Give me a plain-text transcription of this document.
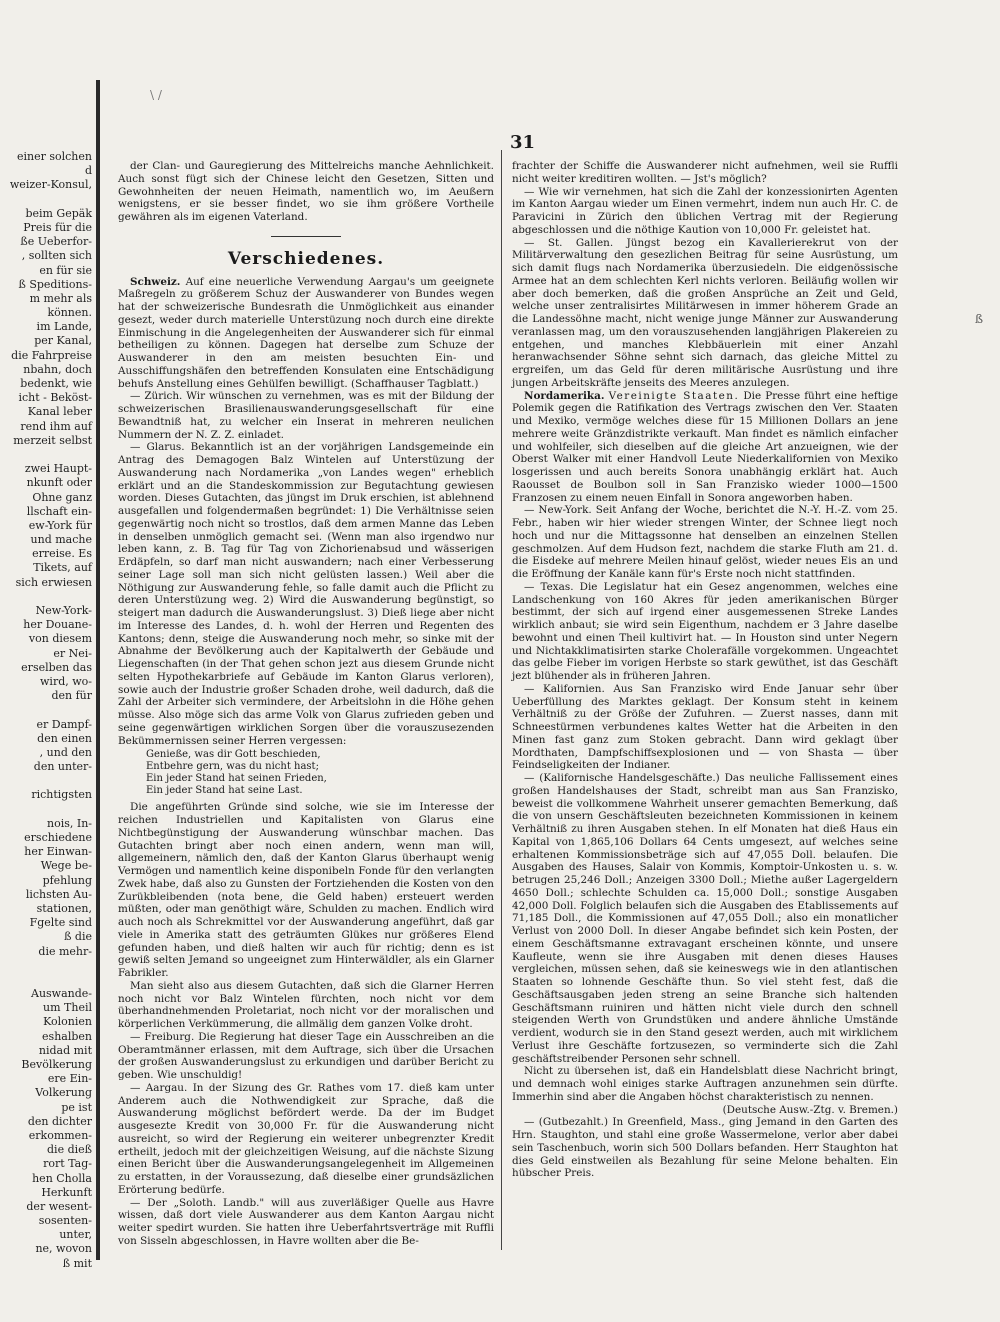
\ /
einer solchen
d
weizer-Konsul,
beim Gepäk
Preis für die
ße Ueberfor-
, sollten sich
en für sie
ß Speditions-
m mehr als
können.
im Lande,
per Kanal,
die Fahrpreise
nbahn, doch
bedenkt, wie
icht - Beköst-
Kanal leber
rend ihm auf
merzeit selbst
zwei Haupt-
nkunft oder
Ohne ganz
llschaft ein-
ew-York für
und mache
erreise. Es
Tikets, auf
sich erwiesen
New-York-
her Douane-
von diesem
er Nei-
erselben das
wird, wo-
den für
er Dampf-
den einen
, und den
den unter-
richtigsten
nois, In-
erschiedene
her Einwan-
Wege be-
pfehlung
lichsten Au-
stationen,
Fgelte sind
ß die
die mehr-
Auswande-
um Theil
Kolonien
eshalben
nidad mit
Bevölkerung
ere Ein-
Volkerung
pe ist
den dichter
erkommen-
die dieß
rort Tag-
hen Cholla
Herkunft
der wesent-
sosenten-
unter,
ne, wovon
ß mit
31

der Clan- und Gauregierung des Mittelreichs manche Aehnlichkeit. Auch sonst fügt sich der Chinese leicht den Gesetzen, Sitten und Gewohnheiten der neuen Heimath, namentlich wo, im Aeußern wenigstens, er sie besser findet, wo sie ihm größere Vortheile gewähren als im eigenen Vaterland.

Verschiedenes.

Schweiz. Auf eine neuerliche Verwendung Aargau's um geeignete Maßregeln zu größerem Schuz der Auswanderer von Bundes wegen hat der schweizerische Bundesrath die Unmöglichkeit aus einander gesezt, weder durch materielle Unterstüzung noch durch eine direkte Einmischung in die Angelegenheiten der Auswanderer sich für einmal betheiligen zu können. Dagegen hat derselbe zum Schuze der Auswanderer in den am meisten besuchten Ein- und Ausschiffungshäfen den betreffenden Konsulaten eine Entschädigung behufs Anstellung eines Gehülfen bewilligt. (Schaffhauser Tagblatt.)

— Zürich. Wir wünschen zu vernehmen, was es mit der Bildung der schweizerischen Brasilienauswanderungsgesellschaft für eine Bewandtniß hat, zu welcher ein Inserat in mehreren neulichen Nummern der N. Z. Z. einladet.

— Glarus. Bekanntlich ist an der vorjährigen Landsgemeinde ein Antrag des Demagogen Balz Wintelen auf Unterstüzung der Auswanderung nach Nordamerika „von Landes wegen" erheblich erklärt und an die Standeskommission zur Begutachtung gewiesen worden. Dieses Gutachten, das jüngst im Druk erschien, ist ablehnend ausgefallen und folgendermaßen begründet: 1) Die Verhältnisse seien gegenwärtig noch nicht so trostlos, daß dem armen Manne das Leben in denselben unmöglich gemacht sei. (Wenn man also irgendwo nur leben kann, z. B. Tag für Tag von Zichorienabsud und wässerigen Erdäpfeln, so darf man nicht auswandern; nach einer Verbesserung seiner Lage soll man sich nicht gelüsten lassen.) Weil aber die Nöthigung zur Auswanderung fehle, so falle damit auch die Pflicht zu deren Unterstüzung weg. 2) Wird die Auswanderung begünstigt, so steigert man dadurch die Auswanderungslust. 3) Dieß liege aber nicht im Interesse des Landes, d. h. wohl der Herren und Regenten des Kantons; denn, steige die Auswanderung noch mehr, so sinke mit der Abnahme der Bevölkerung auch der Kapitalwerth der Gebäude und Liegenschaften (in der That gehen schon jezt aus diesem Grunde nicht selten Hypothekarbriefe auf Gebäude im Kanton Glarus verloren), sowie auch der Industrie großer Schaden drohe, weil dadurch, daß die Zahl der Arbeiter sich vermindere, der Arbeitslohn in die Höhe gehen müsse. Also möge sich das arme Volk von Glarus zufrieden geben und seine gegenwärtigen wirklichen Sorgen über die vorauszusezenden Bekümmernissen seiner Herren vergessen:

Genieße, was dir Gott beschieden,
Entbehre gern, was du nicht hast;
Ein jeder Stand hat seinen Frieden,
Ein jeder Stand hat seine Last.

Die angeführten Gründe sind solche, wie sie im Interesse der reichen Industriellen und Kapitalisten von Glarus eine Nichtbegünstigung der Auswanderung wünschbar machen. Das Gutachten bringt aber noch einen andern, wenn man will, allgemeinern, nämlich den, daß der Kanton Glarus überhaupt wenig Vermögen und namentlich keine disponibeln Fonde für den verlangten Zwek habe, daß also zu Gunsten der Fortziehenden die Kosten von den Zurükbleibenden (nota bene, die Geld haben) ersteuert werden müßten, oder man genöthigt wäre, Schulden zu machen. Endlich wird auch noch als Schrekmittel vor der Auswanderung angeführt, daß gar viele in Amerika statt des geträumten Glükes nur größeres Elend gefunden haben, und dieß halten wir auch für richtig; denn es ist gewiß selten Jemand so ungeeignet zum Hinterwäldler, als ein Glarner Fabrikler.

Man sieht also aus diesem Gutachten, daß sich die Glarner Herren noch nicht vor Balz Wintelen fürchten, noch nicht vor dem überhandnehmenden Proletariat, noch nicht vor der moralischen und körperlichen Verkümmerung, die allmälig dem ganzen Volke droht.

— Freiburg. Die Regierung hat dieser Tage ein Ausschreiben an die Oberamtmänner erlassen, mit dem Auftrage, sich über die Ursachen der großen Auswanderungslust zu erkundigen und darüber Bericht zu geben. Wie unschuldig!

— Aargau. In der Sizung des Gr. Rathes vom 17. dieß kam unter Anderem auch die Nothwendigkeit zur Sprache, daß die Auswanderung möglichst befördert werde. Da der im Budget ausgesezte Kredit von 30,000 Fr. für die Auswanderung nicht ausreicht, so wird der Regierung ein weiterer unbegrenzter Kredit ertheilt, jedoch mit der gleichzeitigen Weisung, auf die nächste Sizung einen Bericht über die Auswanderungsangelegenheit im Allgemeinen zu erstatten, in der Voraussezung, daß dieselbe einer grundsäzlichen Erörterung bedürfe.

— Der „Soloth. Landb." will aus zuverläßiger Quelle aus Havre wissen, daß dort viele Auswanderer aus dem Kanton Aargau nicht weiter spedirt wurden. Sie hatten ihre Ueberfahrtsverträge mit Ruffli von Sisseln abgeschlossen, in Havre wollten aber die Be-

frachter der Schiffe die Auswanderer nicht aufnehmen, weil sie Ruffli nicht weiter kreditiren wollten. — Jst's möglich?

— Wie wir vernehmen, hat sich die Zahl der konzessionirten Agenten im Kanton Aargau wieder um Einen vermehrt, indem nun auch Hr. C. de Paravicini in Zürich den üblichen Vertrag mit der Regierung abgeschlossen und die nöthige Kaution von 10,000 Fr. geleistet hat.

— St. Gallen. Jüngst bezog ein Kavallerierekrut von der Militärverwaltung den gesezlichen Beitrag für seine Ausrüstung, um sich damit flugs nach Nordamerika überzusiedeln. Die eidgenössische Armee hat an dem schlechten Kerl nichts verloren. Beiläufig wollen wir aber doch bemerken, daß die großen Ansprüche an Zeit und Geld, welche unser zentralisirtes Militärwesen in immer höherem Grade an die Landessöhne macht, nicht wenige junge Männer zur Auswanderung veranlassen mag, um den vorauszusehenden langjährigen Plakereien zu entgehen, und manches Klebbäuerlein mit einer Anzahl heranwachsender Söhne sehnt sich darnach, das gleiche Mittel zu ergreifen, um das Geld für deren militärische Ausrüstung und ihre jungen Arbeitskräfte jenseits des Meeres anzulegen.

Nordamerika. Vereinigte Staaten. Die Presse führt eine heftige Polemik gegen die Ratifikation des Vertrags zwischen den Ver. Staaten und Mexiko, vermöge welches diese für 15 Millionen Dollars an jene mehrere weite Gränzdistrikte verkauft. Man findet es nämlich einfacher und wohlfeiler, sich dieselben auf die gleiche Art anzueignen, wie der Oberst Walker mit einer Handvoll Leute Niederkalifornien von Mexiko losgerissen und auch bereits Sonora unabhängig erklärt hat. Auch Raousset de Boulbon soll in San Franzisko wieder 1000—1500 Franzosen zu einem neuen Einfall in Sonora angeworben haben.

— New-York. Seit Anfang der Woche, berichtet die N.-Y. H.-Z. vom 25. Febr., haben wir hier wieder strengen Winter, der Schnee liegt noch hoch und nur die Mittagssonne hat denselben an einzelnen Stellen geschmolzen. Auf dem Hudson fezt, nachdem die starke Fluth am 21. d. die Eisdeke auf mehrere Meilen hinauf gelöst, wieder neues Eis an und die Eröffnung der Kanäle kann für's Erste noch nicht stattfinden.

— Texas. Die Legislatur hat ein Gesez angenommen, welches eine Landschenkung von 160 Akres für jeden amerikanischen Bürger bestimmt, der sich auf irgend einer ausgemessenen Streke Landes wirklich anbaut; sie wird sein Eigenthum, nachdem er 3 Jahre daselbe bewohnt und einen Theil kultivirt hat. — In Houston sind unter Negern und Nichtakklimatisirten starke Cholerafälle vorgekommen. Ungeachtet das gelbe Fieber im vorigen Herbste so stark gewüthet, ist das Geschäft jezt blühender als in früheren Jahren.

— Kalifornien. Aus San Franzisko wird Ende Januar sehr über Ueberfüllung des Marktes geklagt. Der Konsum steht in keinem Verhältniß zu der Größe der Zufuhren. — Zuerst nasses, dann mit Schneestürmen verbundenes kaltes Wetter hat die Arbeiten in den Minen fast ganz zum Stoken gebracht. Dann wird geklagt über Mordthaten, Dampfschiffsexplosionen und — von Shasta — über Feindseligkeiten der Indianer.

— (Kalifornische Handelsgeschäfte.) Das neuliche Fallissement eines großen Handelshauses der Stadt, schreibt man aus San Franzisko, beweist die vollkommene Wahrheit unserer gemachten Bemerkung, daß die von unsern Geschäftsleuten bezeichneten Kommissionen in keinem Verhältniß zu ihren Ausgaben stehen. In elf Monaten hat dieß Haus ein Kapital von 1,865,106 Dollars 64 Cents umgesezt, auf welches seine erhaltenen Kommissionsbeträge sich auf 47,055 Doll. belaufen. Die Ausgaben des Hauses, Salair von Kommis, Komptoir-Unkosten u. s. w. betrugen 25,246 Doll.; Anzeigen 3300 Doll.; Miethe außer Lagergeldern 4650 Doll.; schlechte Schulden ca. 15,000 Doll.; sonstige Ausgaben 42,000 Doll. Folglich belaufen sich die Ausgaben des Etablissements auf 71,185 Doll., die Kommissionen auf 47,055 Doll.; also ein monatlicher Verlust von 2000 Doll. In dieser Angabe befindet sich kein Posten, der einem Geschäftsmanne extravagant erscheinen könnte, und unsere Kaufleute, wenn sie ihre Ausgaben mit denen dieses Hauses vergleichen, müssen sehen, daß sie keineswegs wie in den atlantischen Staaten so lohnende Geschäfte thun. So viel steht fest, daß die Geschäftsausgaben jeden streng an seine Branche sich haltenden Geschäftsmann ruiniren und hätten nicht viele durch den schnell steigenden Werth von Grundstüken und andere ähnliche Umstände verdient, wodurch sie in den Stand gesezt werden, auch mit wirklichem Verlust ihre Geschäfte fortzusezen, so verminderte sich die Zahl geschäftstreibender Personen sehr schnell.

Nicht zu übersehen ist, daß ein Handelsblatt diese Nachricht bringt, und demnach wohl einiges starke Auftragen anzunehmen sein dürfte. Immerhin sind aber die Angaben höchst charakteristisch zu nennen.

(Deutsche Ausw.-Ztg. v. Bremen.)

— (Gutbezahlt.) In Greenfield, Mass., ging Jemand in den Garten des Hrn. Staughton, und stahl eine große Wassermelone, verlor aber dabei sein Taschenbuch, worin sich 500 Dollars befanden. Herr Staughton hat dies Geld einstweilen als Bezahlung für seine Melone behalten. Ein hübscher Preis.

ß
